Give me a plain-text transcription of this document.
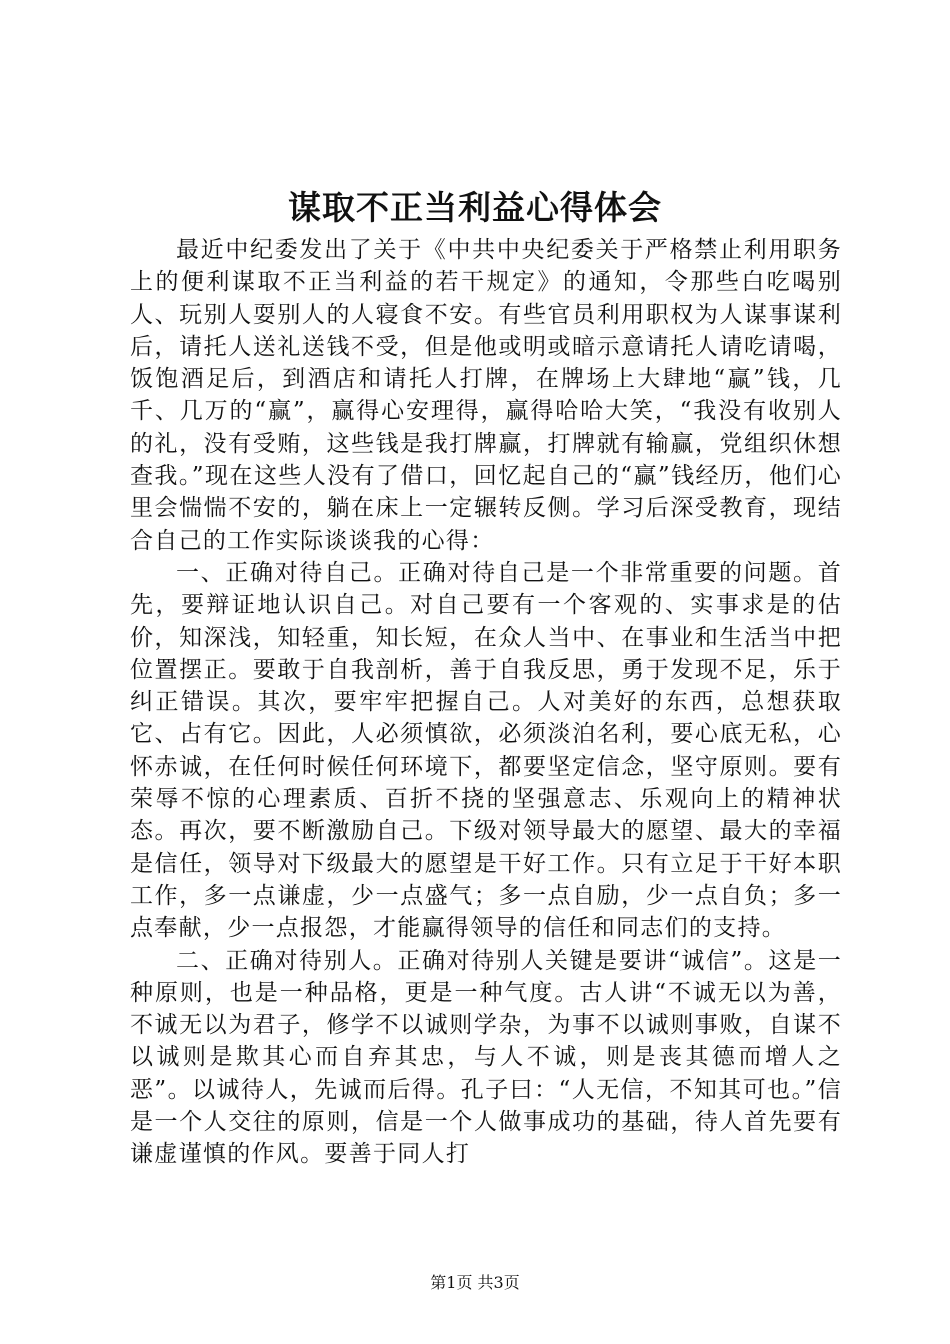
谋取不正当利益心得体会

最近中纪委发出了关于《中共中央纪委关于严格禁止利用职务上的便利谋取不正当利益的若干规定》的通知，令那些白吃喝别人、玩别人耍别人的人寝食不安。有些官员利用职权为人谋事谋利后，请托人送礼送钱不受，但是他或明或暗示意请托人请吃请喝，饭饱酒足后，到酒店和请托人打牌，在牌场上大肆地“赢”钱，几千、几万的“赢”，赢得心安理得，赢得哈哈大笑，“我没有收别人的礼，没有受贿，这些钱是我打牌赢，打牌就有输赢，党组织休想查我。”现在这些人没有了借口，回忆起自己的“赢”钱经历，他们心里会惴惴不安的，躺在床上一定辗转反侧。学习后深受教育，现结合自己的工作实际谈谈我的心得：

一、正确对待自己。正确对待自己是一个非常重要的问题。首先，要辩证地认识自己。对自己要有一个客观的、实事求是的估价，知深浅，知轻重，知长短，在众人当中、在事业和生活当中把位置摆正。要敢于自我剖析，善于自我反思，勇于发现不足，乐于纠正错误。其次，要牢牢把握自己。人对美好的东西，总想获取它、占有它。因此，人必须慎欲，必须淡泊名利，要心底无私，心怀赤诚，在任何时候任何环境下，都要坚定信念，坚守原则。要有荣辱不惊的心理素质、百折不挠的坚强意志、乐观向上的精神状态。再次，要不断激励自己。下级对领导最大的愿望、最大的幸福是信任，领导对下级最大的愿望是干好工作。只有立足于干好本职工作，多一点谦虚，少一点盛气；多一点自励，少一点自负；多一点奉献，少一点报怨，才能赢得领导的信任和同志们的支持。

二、正确对待别人。正确对待别人关键是要讲“诚信”。这是一种原则，也是一种品格，更是一种气度。古人讲“不诚无以为善，不诚无以为君子，修学不以诚则学杂，为事不以诚则事败，自谋不以诚则是欺其心而自弃其忠，与人不诚，则是丧其德而增人之恶”。以诚待人，先诚而后得。孔子曰：“人无信，不知其可也。”信是一个人交往的原则，信是一个人做事成功的基础，待人首先要有谦虚谨慎的作风。要善于同人打

第1页 共3页
